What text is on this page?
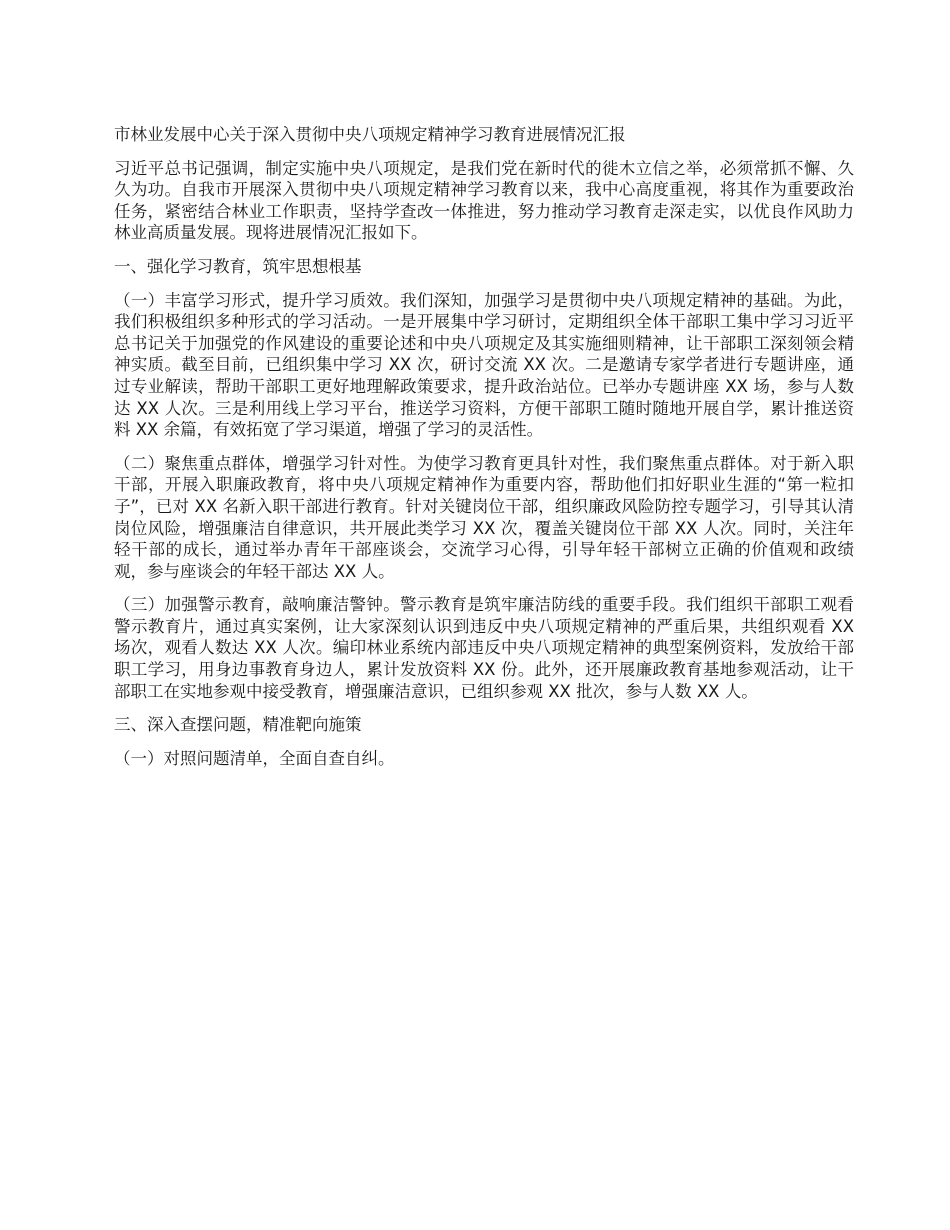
市林业发展中心关于深入贯彻中央八项规定精神学习教育进展情况汇报

习近平总书记强调，制定实施中央八项规定，是我们党在新时代的徙木立信之举，必须常抓不懈、久久为功。自我市开展深入贯彻中央八项规定精神学习教育以来，我中心高度重视，将其作为重要政治任务，紧密结合林业工作职责，坚持学查改一体推进，努力推动学习教育走深走实，以优良作风助力林业高质量发展。现将进展情况汇报如下。

一、强化学习教育，筑牢思想根基

（一）丰富学习形式，提升学习质效。我们深知，加强学习是贯彻中央八项规定精神的基础。为此，我们积极组织多种形式的学习活动。一是开展集中学习研讨，定期组织全体干部职工集中学习习近平总书记关于加强党的作风建设的重要论述和中央八项规定及其实施细则精神，让干部职工深刻领会精神实质。截至目前，已组织集中学习 XX 次，研讨交流 XX 次。二是邀请专家学者进行专题讲座，通过专业解读，帮助干部职工更好地理解政策要求，提升政治站位。已举办专题讲座 XX 场，参与人数达 XX 人次。三是利用线上学习平台，推送学习资料，方便干部职工随时随地开展自学，累计推送资料 XX 余篇，有效拓宽了学习渠道，增强了学习的灵活性。

（二）聚焦重点群体，增强学习针对性。为使学习教育更具针对性，我们聚焦重点群体。对于新入职干部，开展入职廉政教育，将中央八项规定精神作为重要内容，帮助他们扣好职业生涯的“第一粒扣子”，已对 XX 名新入职干部进行教育。针对关键岗位干部，组织廉政风险防控专题学习，引导其认清岗位风险，增强廉洁自律意识，共开展此类学习 XX 次，覆盖关键岗位干部 XX 人次。同时，关注年轻干部的成长，通过举办青年干部座谈会，交流学习心得，引导年轻干部树立正确的价值观和政绩观，参与座谈会的年轻干部达 XX 人。

（三）加强警示教育，敲响廉洁警钟。警示教育是筑牢廉洁防线的重要手段。我们组织干部职工观看警示教育片，通过真实案例，让大家深刻认识到违反中央八项规定精神的严重后果，共组织观看 XX 场次，观看人数达 XX 人次。编印林业系统内部违反中央八项规定精神的典型案例资料，发放给干部职工学习，用身边事教育身边人，累计发放资料 XX 份。此外，还开展廉政教育基地参观活动，让干部职工在实地参观中接受教育，增强廉洁意识，已组织参观 XX 批次，参与人数 XX 人。

三、深入查摆问题，精准靶向施策

（一）对照问题清单，全面自查自纠。
